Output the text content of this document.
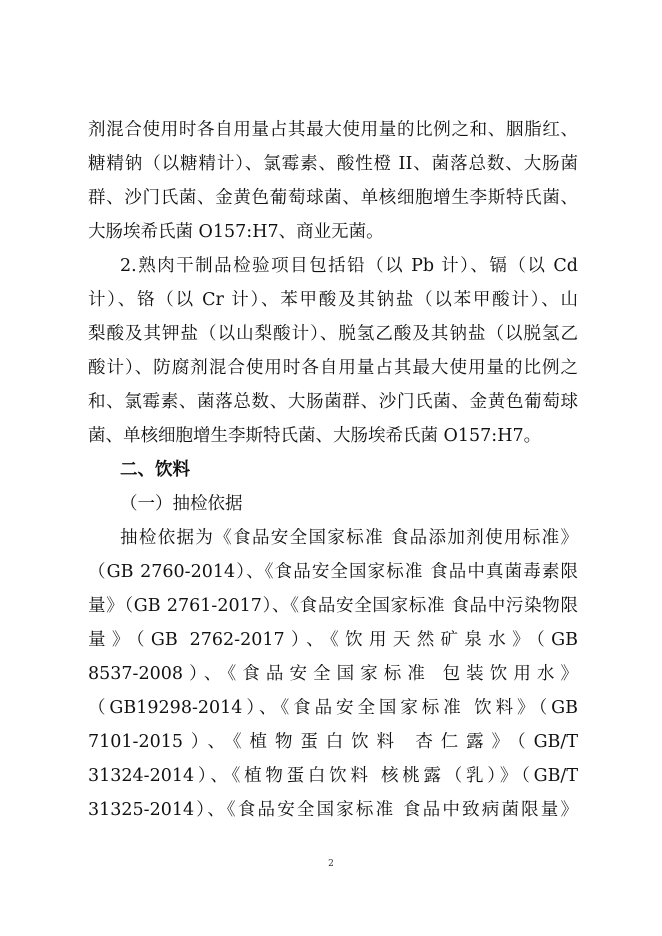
剂混合使用时各自用量占其最大使用量的比例之和、胭脂红、
糖精钠（以糖精计）、氯霉素、酸性橙 II、菌落总数、大肠菌
群、沙门氏菌、金黄色葡萄球菌、单核细胞增生李斯特氏菌、
大肠埃希氏菌 O157:H7、商业无菌。
2.熟肉干制品检验项目包括铅（以 Pb 计）、镉（以 Cd
计）、铬（以 Cr 计）、苯甲酸及其钠盐（以苯甲酸计）、山
梨酸及其钾盐（以山梨酸计）、脱氢乙酸及其钠盐（以脱氢乙
酸计）、防腐剂混合使用时各自用量占其最大使用量的比例之
和、氯霉素、菌落总数、大肠菌群、沙门氏菌、金黄色葡萄球
菌、单核细胞增生李斯特氏菌、大肠埃希氏菌 O157:H7。
二、饮料
（一）抽检依据
抽检依据为《食品安全国家标准 食品添加剂使用标准》
（GB 2760-2014）、《食品安全国家标准 食品中真菌毒素限
量》（GB 2761-2017）、《食品安全国家标准 食品中污染物限
量》（GB 2762-2017）、《饮用天然矿泉水》（GB
8537-2008）、《食品安全国家标准 包装饮用水》
（GB19298-2014）、《食品安全国家标准 饮料》（GB
7101-2015）、《植物蛋白饮料 杏仁露》（GB/T
31324-2014）、《植物蛋白饮料 核桃露（乳）》（GB/T
31325-2014）、《食品安全国家标准 食品中致病菌限量》
2
